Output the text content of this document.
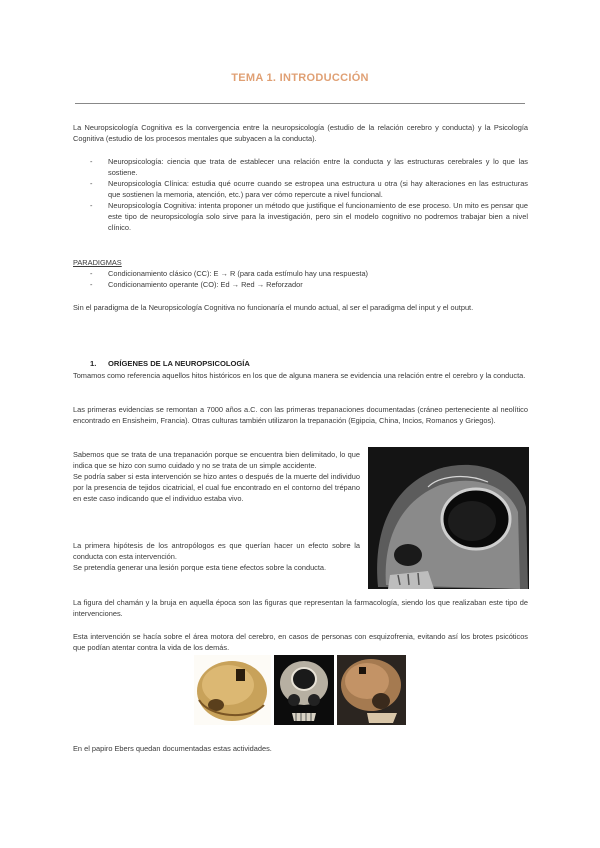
TEMA 1. INTRODUCCIÓN
La Neuropsicología Cognitiva es la convergencia entre la neuropsicología (estudio de la relación cerebro y conducta) y la Psicología Cognitiva (estudio de los procesos mentales que subyacen a la conducta).
- Neuropsicología: ciencia que trata de establecer una relación entre la conducta y las estructuras cerebrales y lo que las sostiene.
- Neuropsicología Clínica: estudia qué ocurre cuando se estropea una estructura u otra (si hay alteraciones en las estructuras que sostienen la memoria, atención, etc.) para ver cómo repercute a nivel funcional.
- Neuropsicología Cognitiva: intenta proponer un método que justifique el funcionamiento de ese proceso. Un mito es pensar que este tipo de neuropsicología solo sirve para la investigación, pero sin el modelo cognitivo no podremos trabajar bien a nivel clínico.
PARADIGMAS
- Condicionamiento clásico (CC): E → R (para cada estímulo hay una respuesta)
- Condicionamiento operante (CO): Ed → Red → Reforzador
Sin el paradigma de la Neuropsicología Cognitiva no funcionaría el mundo actual, al ser el paradigma del input y el output.
1. ORÍGENES DE LA NEUROPSICOLOGÍA
Tomamos como referencia aquellos hitos históricos en los que de alguna manera se evidencia una relación entre el cerebro y la conducta.
Las primeras evidencias se remontan a 7000 años a.C. con las primeras trepanaciones documentadas (cráneo perteneciente al neolítico encontrado en Ensisheim, Francia). Otras culturas también utilizaron la trepanación (Egipcia, China, Incios, Romanos y Griegos).
Sabemos que se trata de una trepanación porque se encuentra bien delimitado, lo que indica que se hizo con sumo cuidado y no se trata de un simple accidente.
Se podría saber si esta intervención se hizo antes o después de la muerte del individuo por la presencia de tejidos cicatricial, el cual fue encontrado en el contorno del trépano en este caso indicando que el individuo estaba vivo.
La primera hipótesis de los antropólogos es que querían hacer un efecto sobre la conducta con esta intervención.
Se pretendía generar una lesión porque esta tiene efectos sobre la conducta.
La figura del chamán y la bruja en aquella época son las figuras que representan la farmacología, siendo los que realizaban este tipo de intervenciones.
Esta intervención se hacía sobre el área motora del cerebro, en casos de personas con esquizofrenia, evitando así los brotes psicóticos que podían atentar contra la vida de los demás.
En el papiro Ebers quedan documentadas estas actividades.
